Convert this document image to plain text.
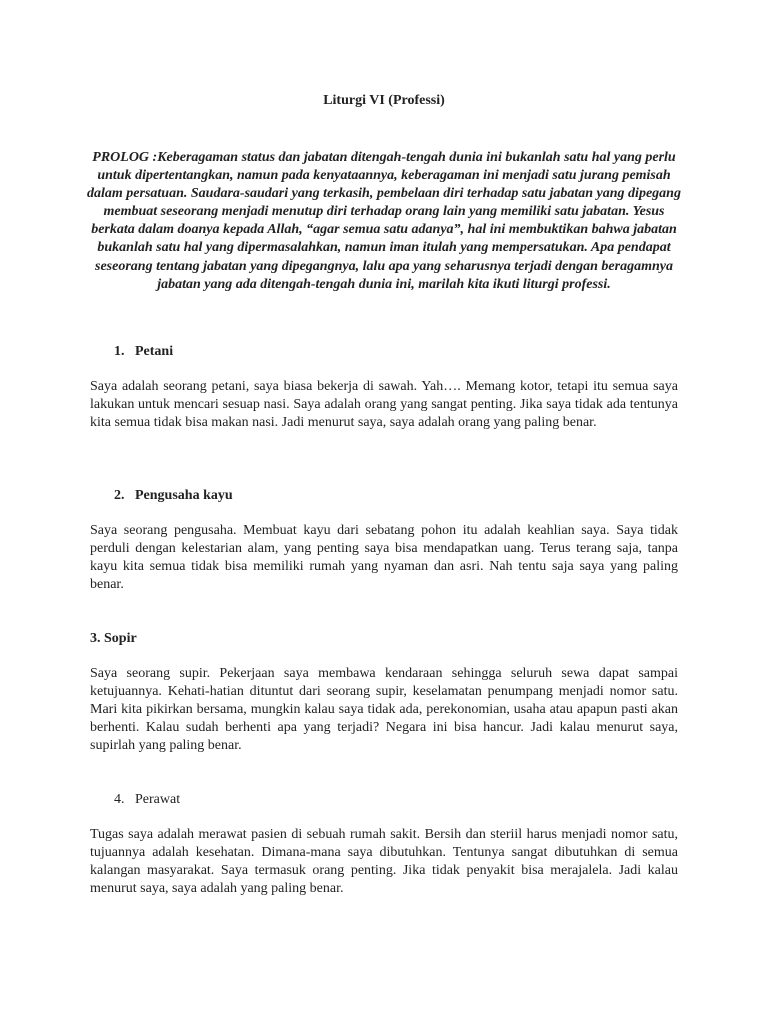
Liturgi VI (Professi)
PROLOG :Keberagaman status dan jabatan ditengah-tengah dunia ini bukanlah satu hal yang perlu untuk dipertentangkan, namun pada kenyataannya, keberagaman ini menjadi satu jurang pemisah dalam persatuan. Saudara-saudari yang terkasih, pembelaan diri terhadap satu jabatan yang dipegang membuat seseorang menjadi menutup diri terhadap orang lain yang memiliki satu jabatan. Yesus berkata dalam doanya kepada Allah, “agar semua satu adanya”, hal ini membuktikan bahwa jabatan bukanlah satu hal yang dipermasalahkan, namun iman itulah yang mempersatukan. Apa pendapat seseorang tentang jabatan yang dipegangnya, lalu apa yang seharusnya terjadi dengan beragamnya jabatan yang ada ditengah-tengah dunia ini, marilah kita ikuti liturgi professi.
1. Petani
Saya adalah seorang petani, saya biasa bekerja di sawah. Yah…. Memang kotor, tetapi itu semua saya lakukan untuk mencari sesuap nasi. Saya adalah orang yang sangat penting. Jika saya tidak ada tentunya kita semua tidak bisa makan nasi. Jadi menurut saya, saya adalah orang yang paling benar.
2. Pengusaha kayu
Saya seorang pengusaha. Membuat kayu dari sebatang pohon itu adalah keahlian saya. Saya tidak perduli dengan kelestarian alam, yang penting saya bisa mendapatkan uang. Terus terang saja, tanpa kayu kita semua tidak bisa memiliki rumah yang nyaman dan asri. Nah tentu saja saya yang paling benar.
3. Sopir
Saya seorang supir. Pekerjaan saya membawa kendaraan sehingga seluruh sewa dapat sampai ketujuannya. Kehati-hatian dituntut dari seorang supir, keselamatan penumpang menjadi nomor satu. Mari kita pikirkan bersama, mungkin kalau saya tidak ada, perekonomian, usaha atau apapun pasti akan berhenti. Kalau sudah berhenti apa yang terjadi? Negara ini bisa hancur. Jadi kalau menurut saya, supirlah yang paling benar.
4. Perawat
Tugas saya adalah merawat pasien di sebuah rumah sakit. Bersih dan steriil harus menjadi nomor satu, tujuannya adalah kesehatan. Dimana-mana saya dibutuhkan. Tentunya sangat dibutuhkan di semua kalangan masyarakat. Saya termasuk orang penting. Jika tidak penyakit bisa merajalela. Jadi kalau menurut saya, saya adalah yang paling benar.
